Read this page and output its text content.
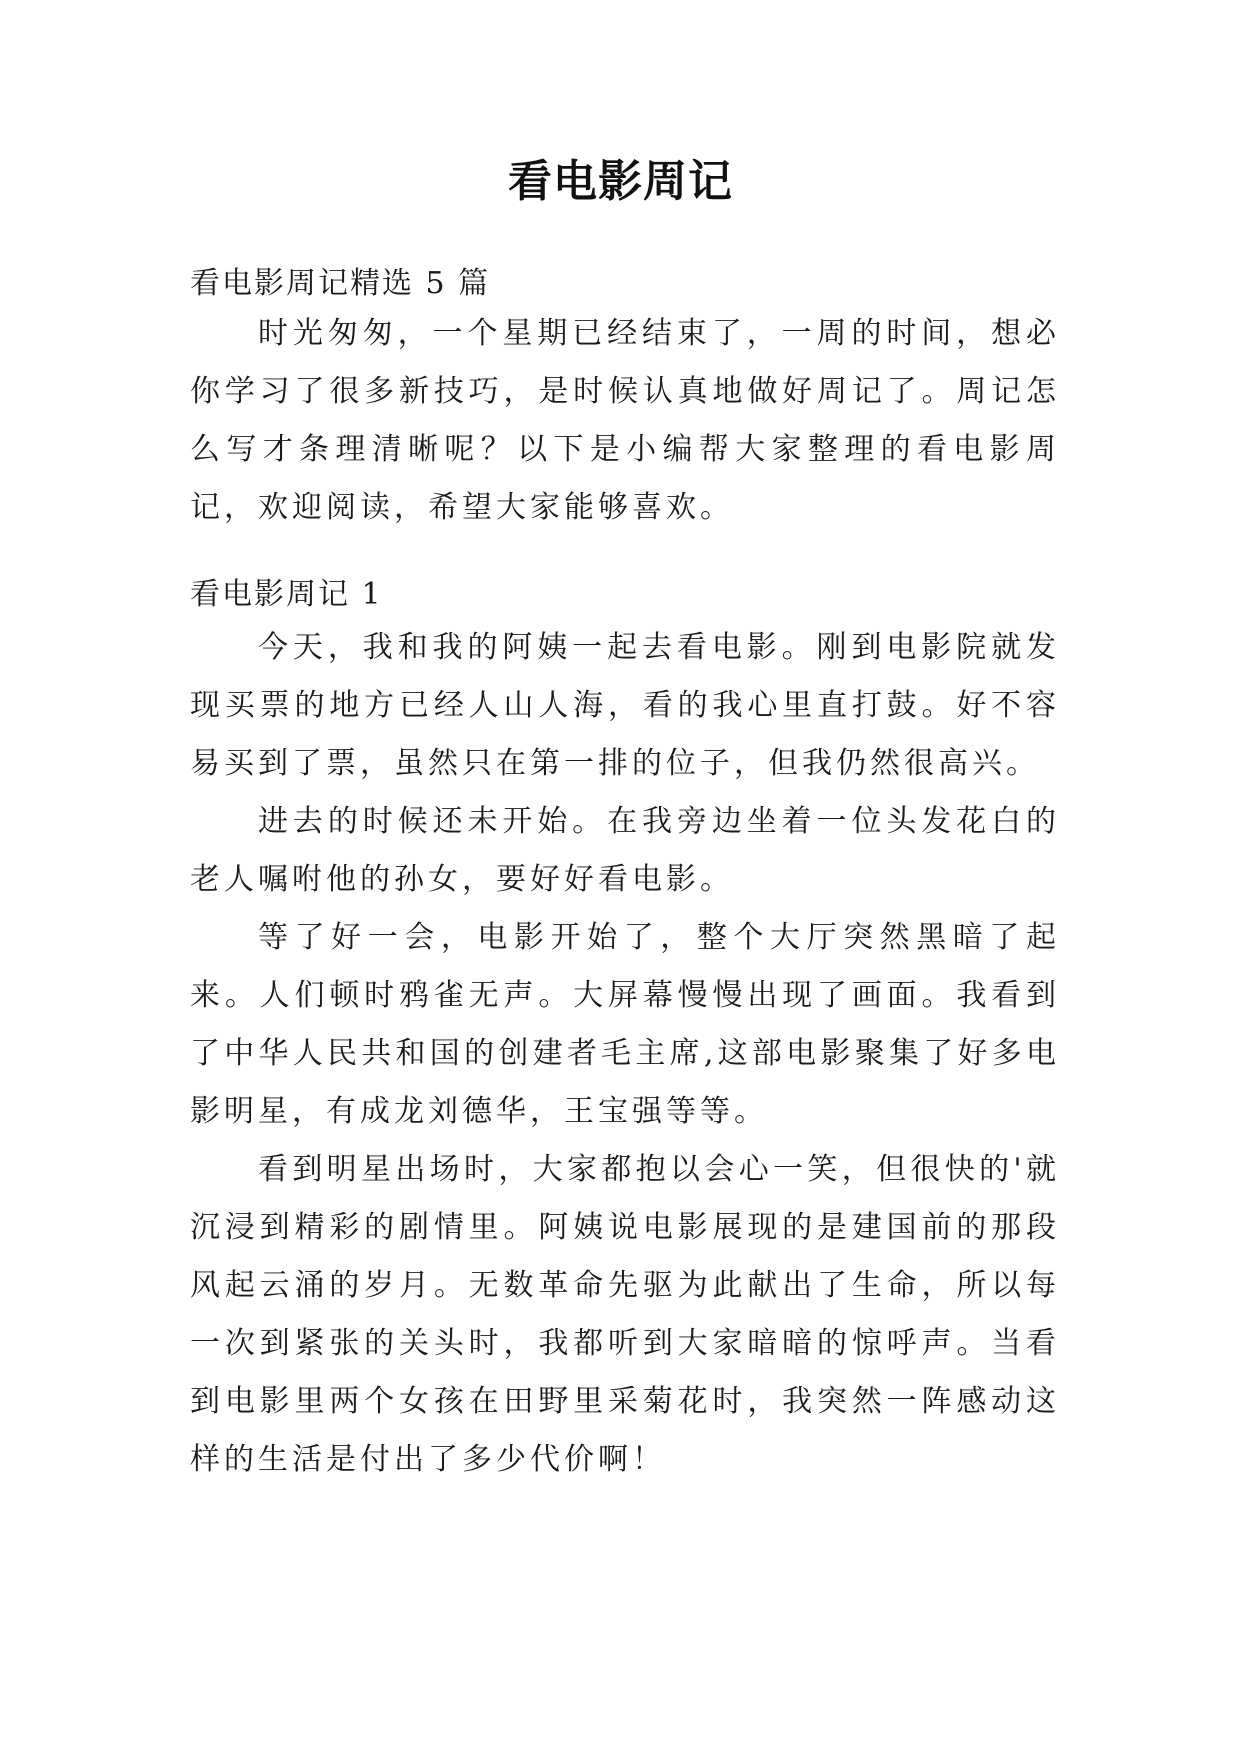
看电影周记

看电影周记精选 5 篇

时光匆匆，一个星期已经结束了，一周的时间，想必你学习了很多新技巧，是时候认真地做好周记了。周记怎么写才条理清晰呢？以下是小编帮大家整理的看电影周记，欢迎阅读，希望大家能够喜欢。

看电影周记 1

今天，我和我的阿姨一起去看电影。刚到电影院就发现买票的地方已经人山人海，看的我心里直打鼓。好不容易买到了票，虽然只在第一排的位子，但我仍然很高兴。

进去的时候还未开始。在我旁边坐着一位头发花白的老人嘱咐他的孙女，要好好看电影。

等了好一会，电影开始了，整个大厅突然黑暗了起来。人们顿时鸦雀无声。大屏幕慢慢出现了画面。我看到了中华人民共和国的创建者毛主席,这部电影聚集了好多电影明星，有成龙刘德华，王宝强等等。

看到明星出场时，大家都抱以会心一笑，但很快的'就沉浸到精彩的剧情里。阿姨说电影展现的是建国前的那段风起云涌的岁月。无数革命先驱为此献出了生命，所以每一次到紧张的关头时，我都听到大家暗暗的惊呼声。当看到电影里两个女孩在田野里采菊花时，我突然一阵感动这样的生活是付出了多少代价啊！
